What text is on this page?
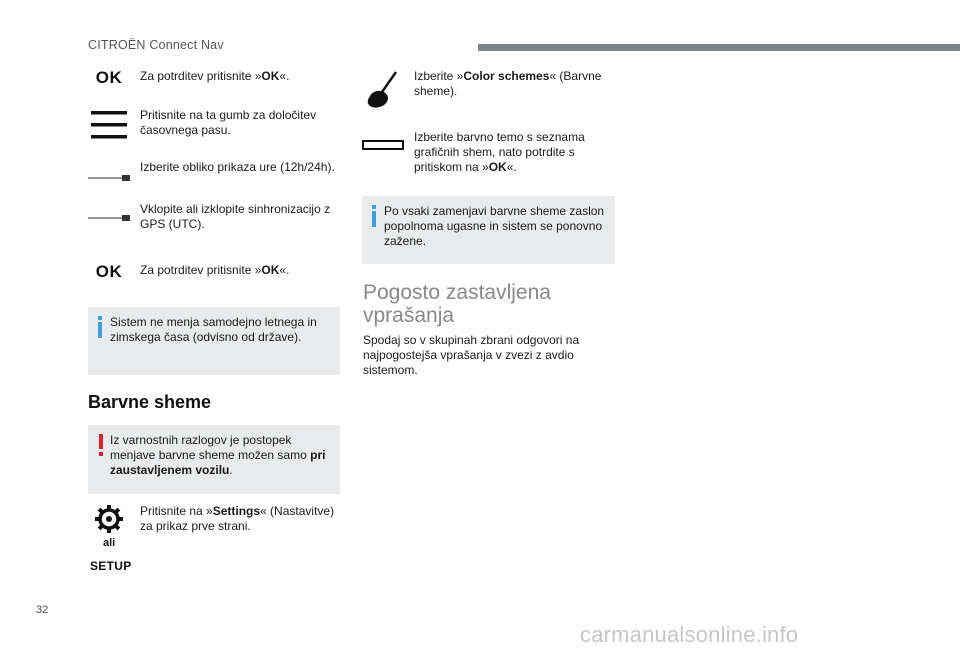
CITROËN Connect Nav
OK Za potrditev pritisnite »OK«.
Pritisnite na ta gumb za določitev
časovnega pasu.
Izberite obliko prikaza ure (12h/24h).
Vklopite ali izklopite sinhronizacijo z
GPS (UTC).
OK Za potrditev pritisnite »OK«.
Sistem ne menja samodejno letnega in
zimskega časa (odvisno od države).
Barvne sheme
Iz varnostnih razlogov je postopek
menjave barvne sheme možen samo pri
zaustavljenem vozilu.
Pritisnite na »Settings« (Nastavitve)
za prikaz prve strani.
ali
SETUP
Izberite »Color schemes« (Barvne
sheme).
Izberite barvno temo s seznama
grafičnih shem, nato potrdite s
pritiskom na »OK«.
Po vsaki zamenjavi barvne sheme zaslon
popolnoma ugasne in sistem se ponovno
zažene.
Pogosto zastavljena
vprašanja
Spodaj so v skupinah zbrani odgovori na
najpogostejša vprašanja v zvezi z avdio
sistemom.
32
carmanualsonline.info
